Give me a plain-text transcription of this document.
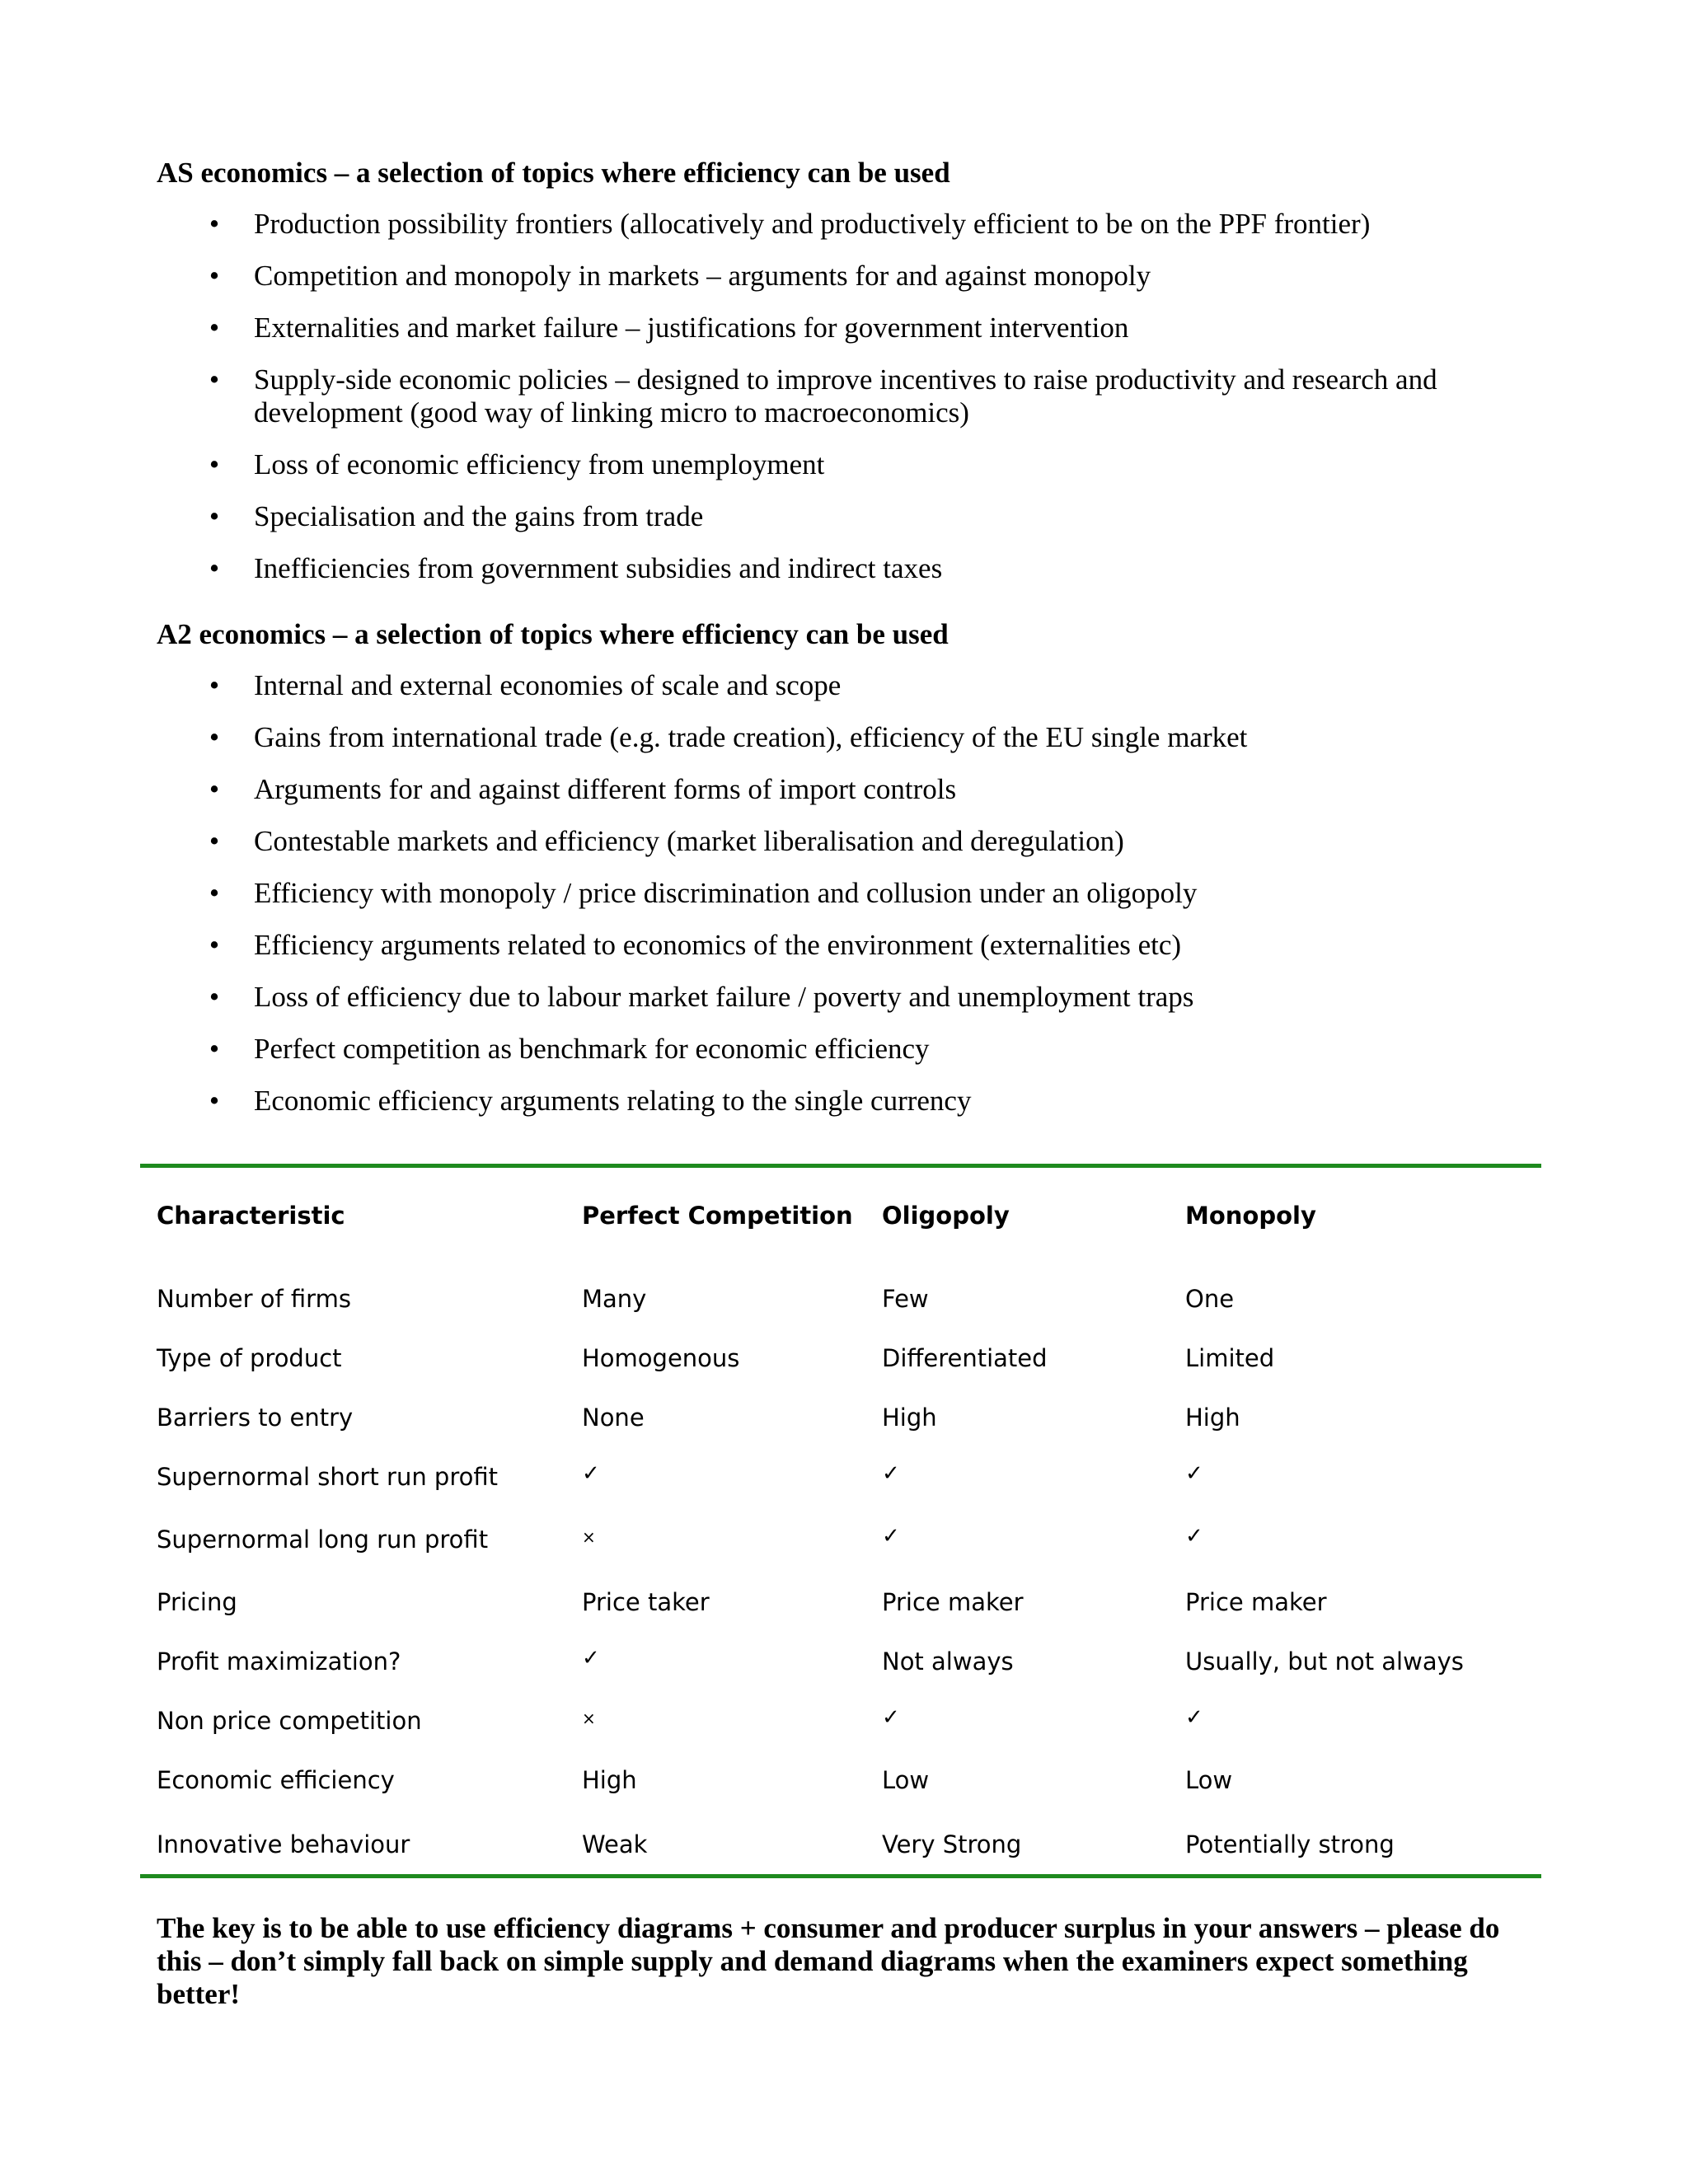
AS economics – a selection of topics where efficiency can be used
• Production possibility frontiers (allocatively and productively efficient to be on the PPF frontier)
• Competition and monopoly in markets – arguments for and against monopoly
• Externalities and market failure – justifications for government intervention
• Supply-side economic policies – designed to improve incentives to raise productivity and research and development (good way of linking micro to macroeconomics)
• Loss of economic efficiency from unemployment
• Specialisation and the gains from trade
• Inefficiencies from government subsidies and indirect taxes
A2 economics – a selection of topics where efficiency can be used
• Internal and external economies of scale and scope
• Gains from international trade (e.g. trade creation), efficiency of the EU single market
• Arguments for and against different forms of import controls
• Contestable markets and efficiency (market liberalisation and deregulation)
• Efficiency with monopoly / price discrimination and collusion under an oligopoly
• Efficiency arguments related to economics of the environment (externalities etc)
• Loss of efficiency due to labour market failure / poverty and unemployment traps
• Perfect competition as benchmark for economic efficiency
• Economic efficiency arguments relating to the single currency
Characteristic	Perfect Competition	Oligopoly	Monopoly

Number of firms	Many	Few	One
Type of product	Homogenous	Differentiated	Limited
Barriers to entry	None	High	High
Supernormal short run profit	✓	✓	✓
Supernormal long run profit	×	✓	✓
Pricing	Price taker	Price maker	Price maker
Profit maximization?	✓	Not always	Usually, but not always
Non price competition	×	✓	✓
Economic efficiency	High	Low	Low
Innovative behaviour	Weak	Very Strong	Potentially strong

The key is to be able to use efficiency diagrams + consumer and producer surplus in your answers – please do this – don’t simply fall back on simple supply and demand diagrams when the examiners expect something better!
